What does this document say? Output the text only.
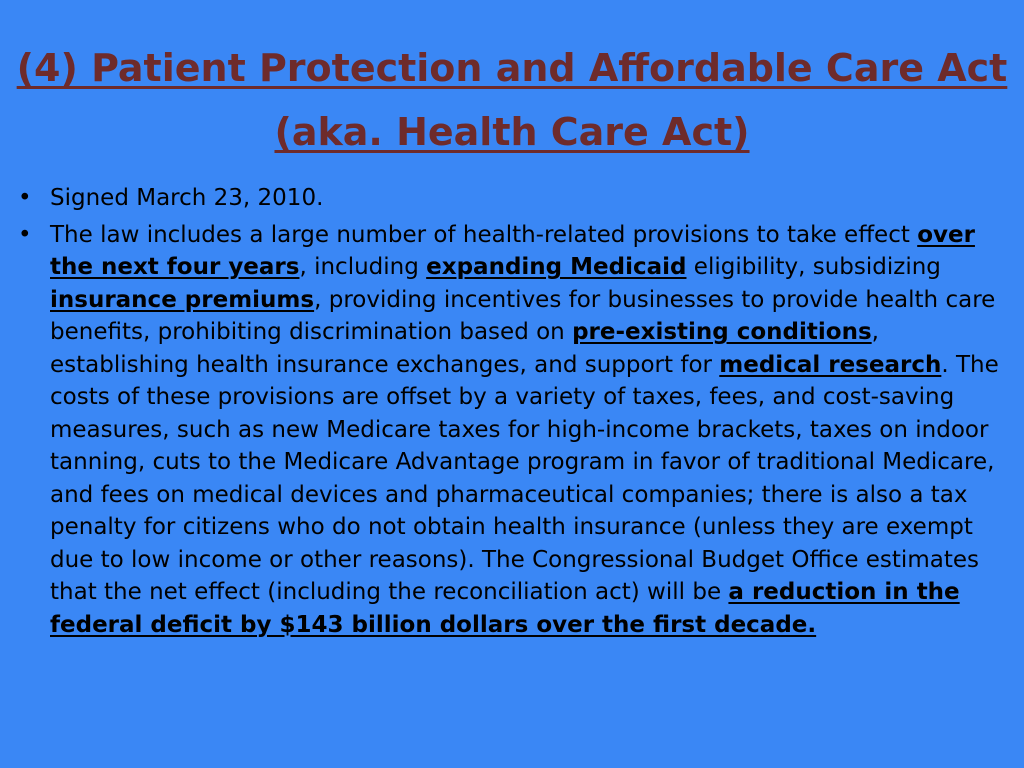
(4) Patient Protection and Affordable Care Act (aka. Health Care Act)
• Signed March 23, 2010.
• The law includes a large number of health-related provisions to take effect over the next four years, including expanding Medicaid eligibility, subsidizing insurance premiums, providing incentives for businesses to provide health care benefits, prohibiting discrimination based on pre-existing conditions, establishing health insurance exchanges, and support for medical research. The costs of these provisions are offset by a variety of taxes, fees, and cost-saving measures, such as new Medicare taxes for high-income brackets, taxes on indoor tanning, cuts to the Medicare Advantage program in favor of traditional Medicare, and fees on medical devices and pharmaceutical companies; there is also a tax penalty for citizens who do not obtain health insurance (unless they are exempt due to low income or other reasons). The Congressional Budget Office estimates that the net effect (including the reconciliation act) will be a reduction in the federal deficit by $143 billion dollars over the first decade.
